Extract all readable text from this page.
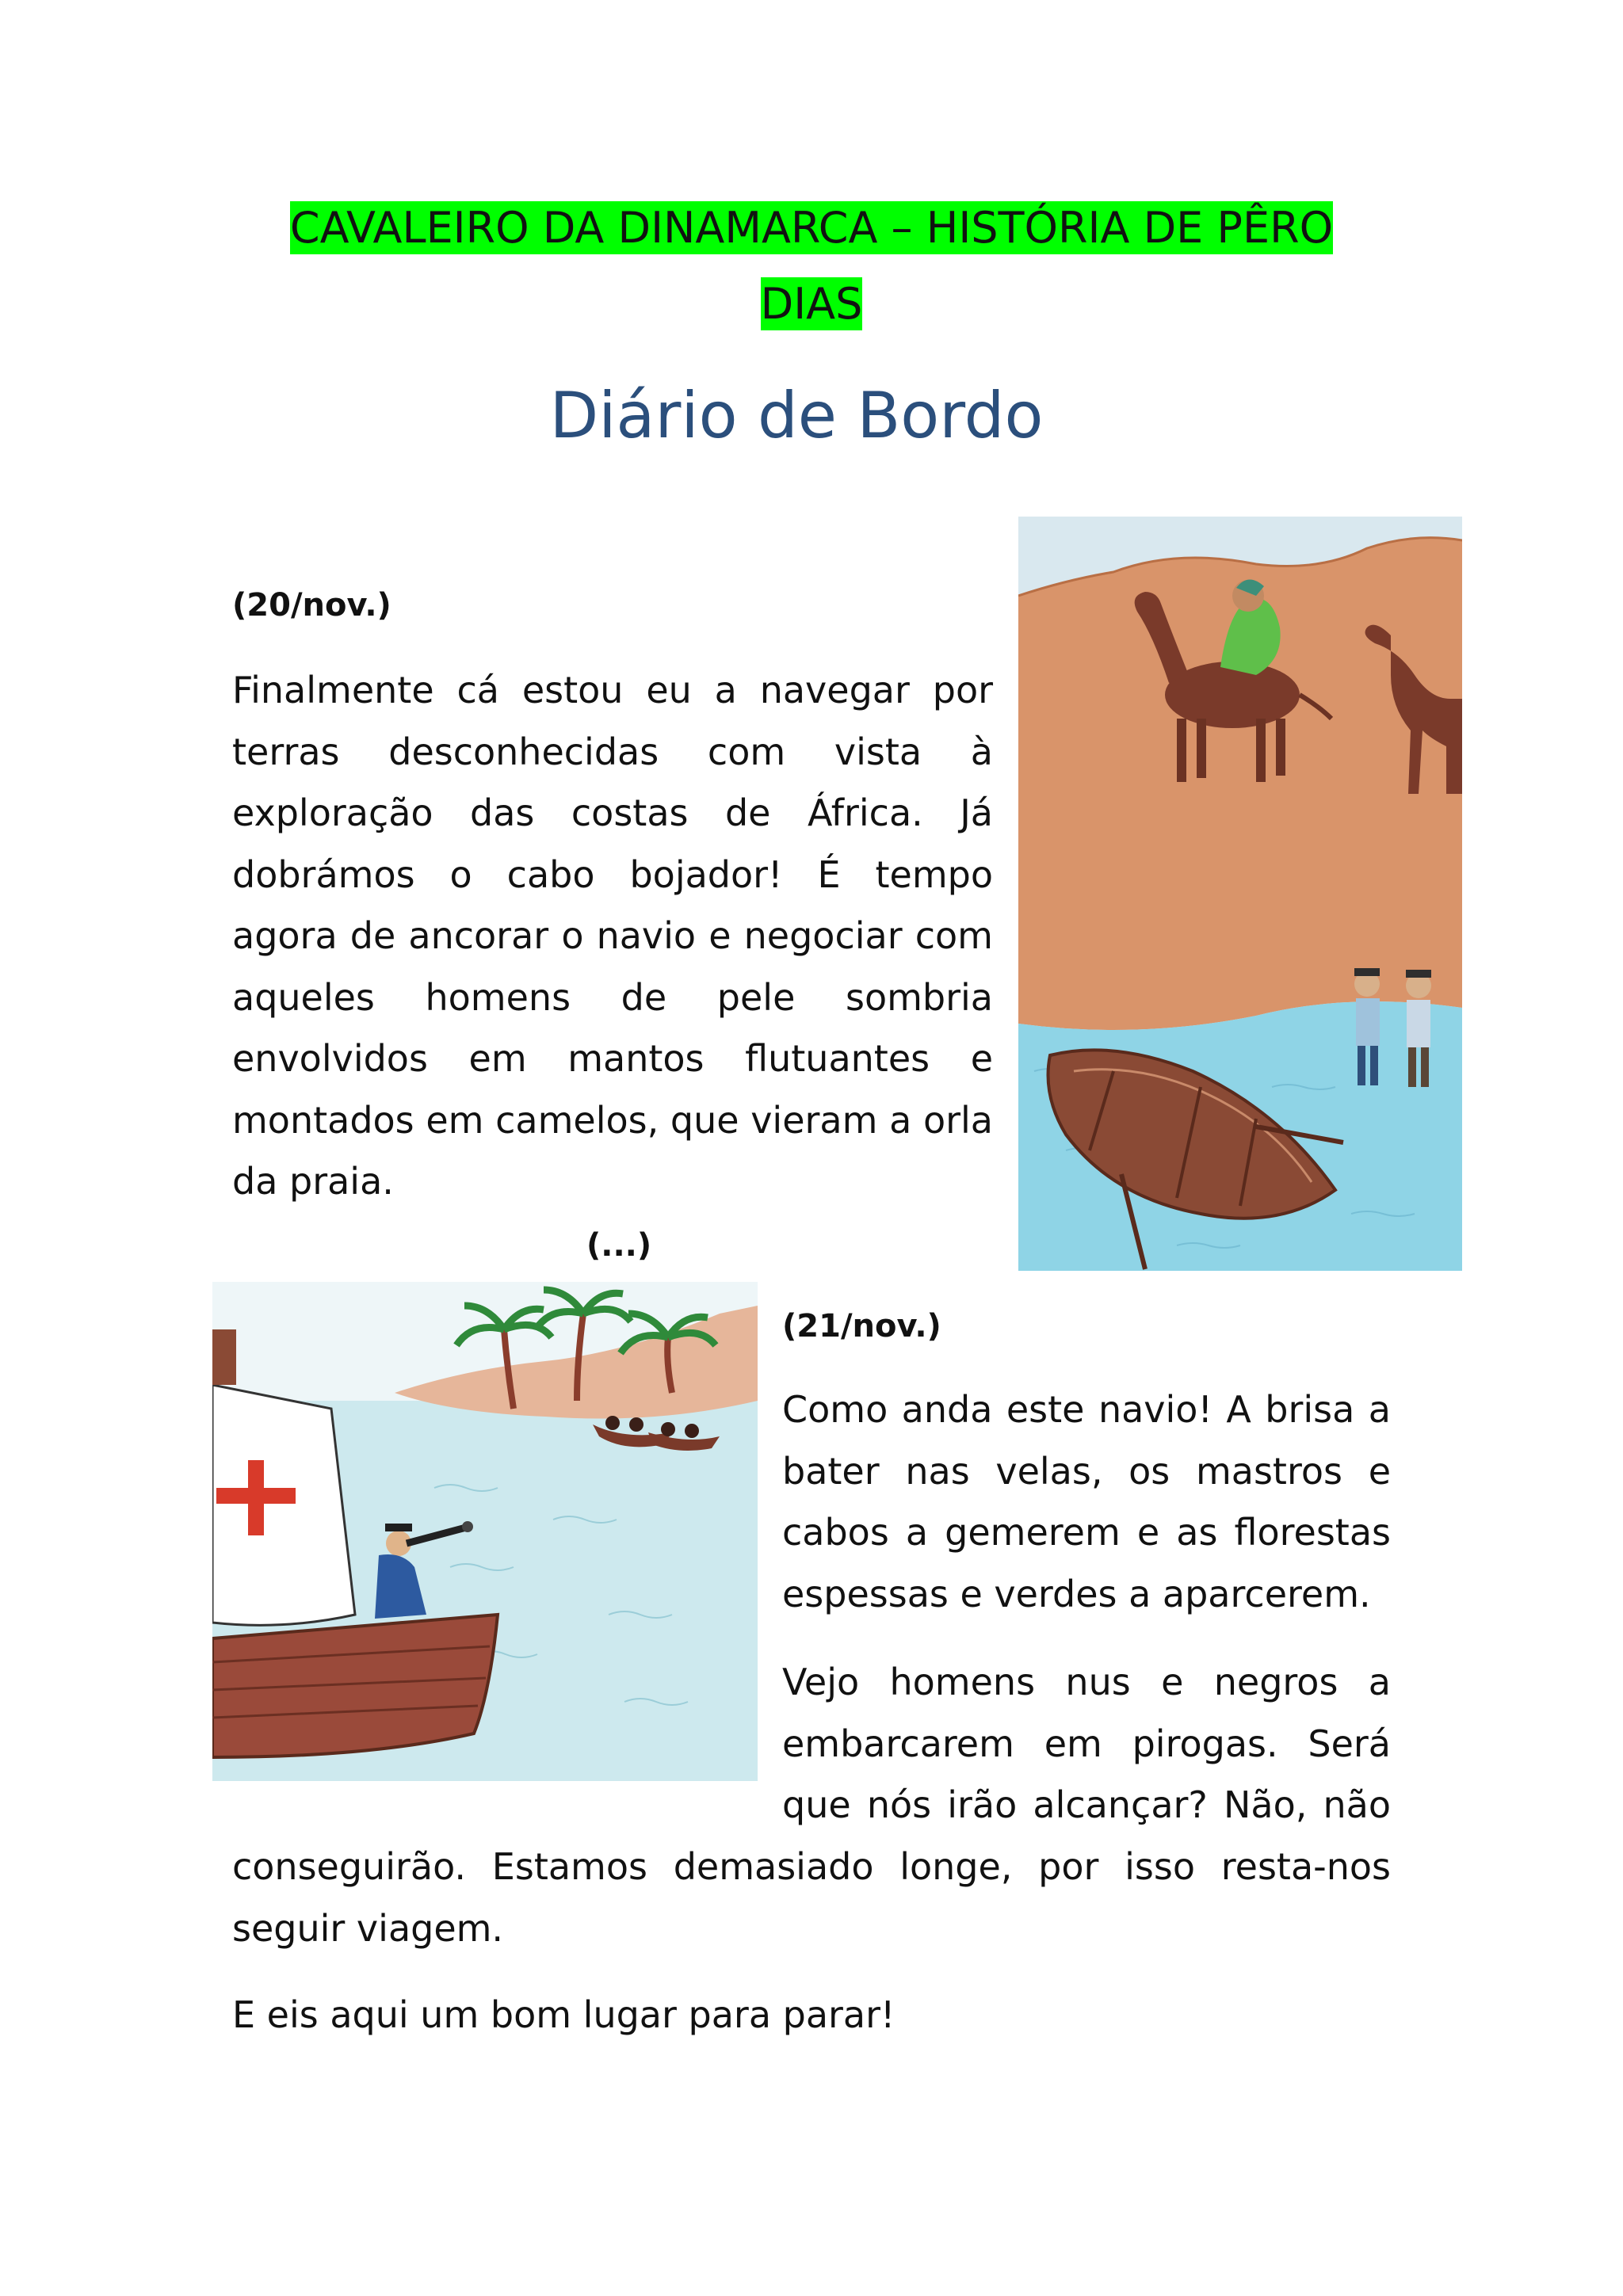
CAVALEIRO DA DINAMARCA – HISTÓRIA DE PÊRO
DIAS
Diário de Bordo
(20/nov.)

Finalmente cá estou eu a navegar por terras desconhecidas com vista à exploração das costas de África. Já dobrámos o cabo bojador! É tempo agora de ancorar o navio e negociar com aqueles homens de pele sombria envolvidos em mantos flutuantes e montados em camelos, que vieram a orla da praia.

(...)
(21/nov.)

Como anda este navio! A brisa a bater nas velas, os mastros e cabos a gemerem e as florestas espessas e verdes a aparcerem.

Vejo homens nus e negros a embarcarem em pirogas. Será que nós irão alcançar? Não, não

conseguirão. Estamos demasiado longe, por isso resta-nos seguir viagem.

E eis aqui um bom lugar para parar!
